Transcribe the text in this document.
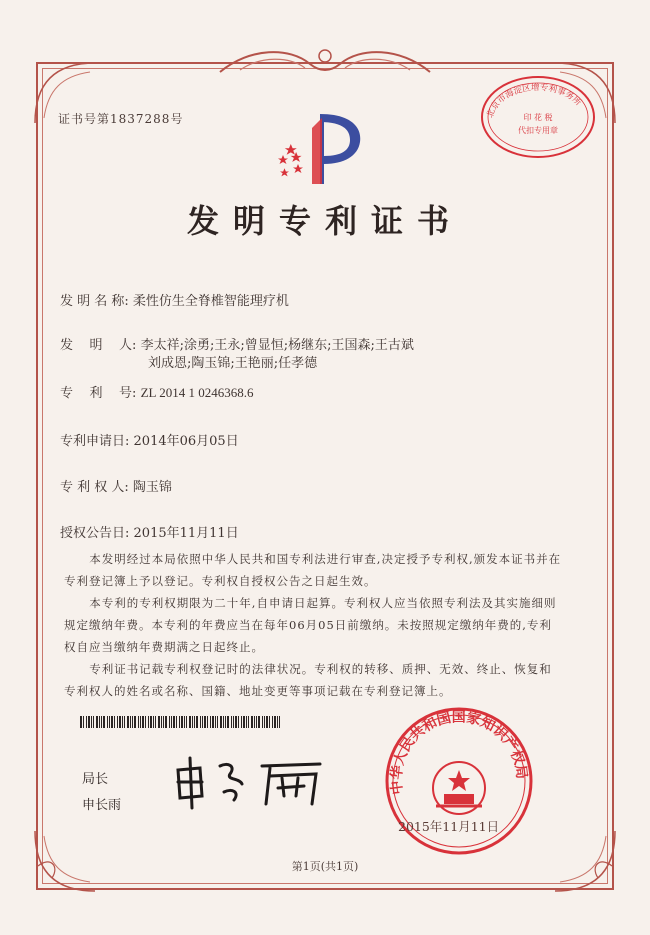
证书号第1837288号	北京市海淀区增专利事务所
印 花 税
代扣专用章
发明专利证书
发 明 名 称: 柔性仿生全脊椎智能理疗机
发    明    人: 李太祥;涂勇;王永;曾显恒;杨继东;王国森;王古斌
刘成恩;陶玉锦;王艳丽;任孝德
专    利    号: ZL 2014 1 0246368.6
专利申请日: 2014年06月05日
专 利 权 人: 陶玉锦
授权公告日: 2015年11月11日

本发明经过本局依照中华人民共和国专利法进行审查,决定授予专利权,颁发本证书并在专利登记簿上予以登记。专利权自授权公告之日起生效。

本专利的专利权期限为二十年,自申请日起算。专利权人应当依照专利法及其实施细则规定缴纳年费。本专利的年费应当在每年06月05日前缴纳。未按照规定缴纳年费的,专利权自应当缴纳年费期满之日起终止。

专利证书记载专利权登记时的法律状况。专利权的转移、质押、无效、终止、恢复和专利权人的姓名或名称、国籍、地址变更等事项记载在专利登记簿上。

局长
申长雨
中华人民共和国国家知识产权局
2015年11月11日
第1页(共1页)
